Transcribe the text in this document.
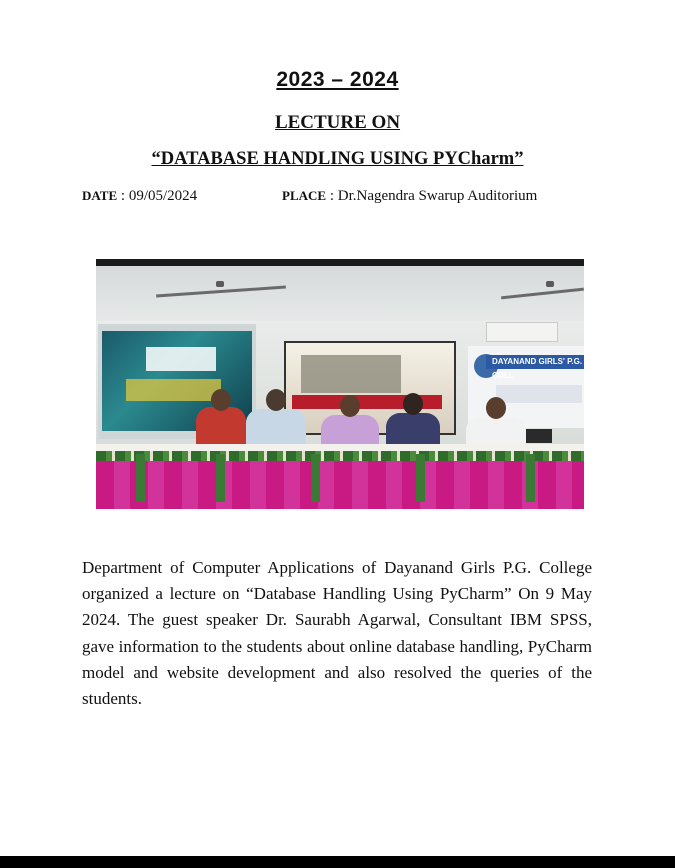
2023 – 2024
LECTURE ON
“DATABASE HANDLING USING PYCharm”
DATE : 09/05/2024	PLACE : Dr.Nagendra Swarup Auditorium
DAYANAND GIRLS' P.G. COLL
Department of Computer Applications of Dayanand Girls P.G. College organized a lecture on “Database Handling Using PyCharm” On 9 May 2024. The guest speaker Dr. Saurabh Agarwal, Consultant IBM SPSS, gave information to the students about online database handling, PyCharm model and website development and also resolved the queries of the students.
